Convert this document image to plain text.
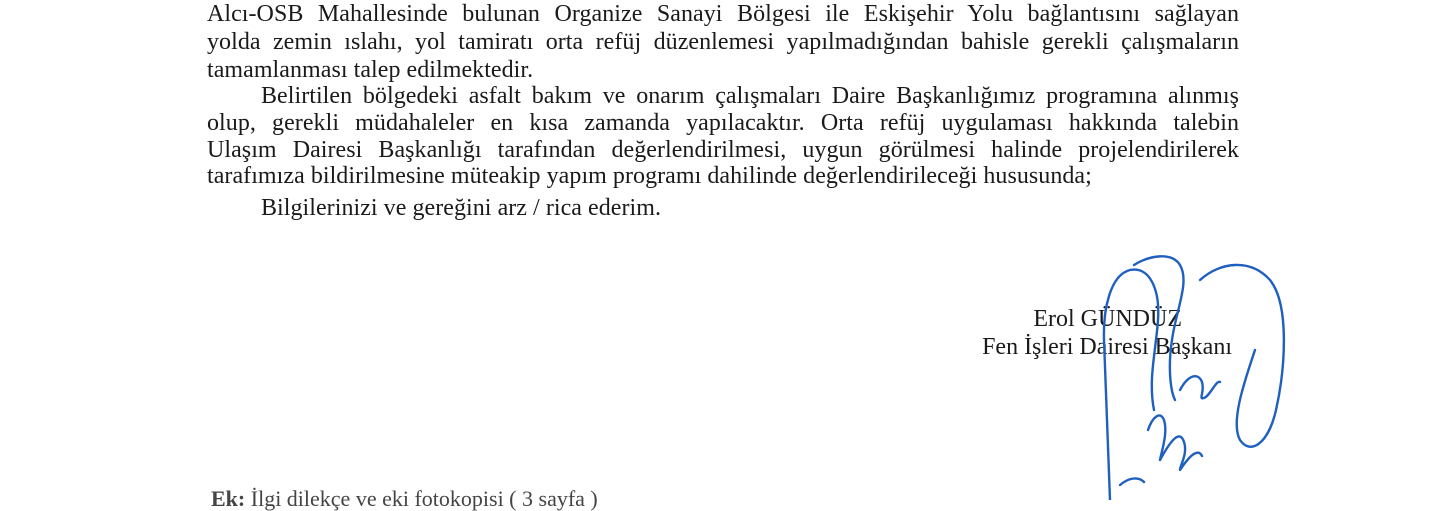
Alcı-OSB Mahallesinde bulunan Organize Sanayi Bölgesi ile Eskişehir Yolu bağlantısını sağlayan
yolda zemin ıslahı, yol tamiratı orta refüj düzenlemesi yapılmadığından bahisle gerekli çalışmaların
tamamlanması talep edilmektedir.
Belirtilen bölgedeki asfalt bakım ve onarım çalışmaları Daire Başkanlığımız programına alınmış
olup, gerekli müdahaleler en kısa zamanda yapılacaktır. Orta refüj uygulaması hakkında talebin
Ulaşım Dairesi Başkanlığı tarafından değerlendirilmesi, uygun görülmesi halinde projelendirilerek
tarafımıza bildirilmesine müteakip yapım programı dahilinde değerlendirileceği hususunda;
Bilgilerinizi ve gereğini arz / rica ederim.
Erol GÜNDÜZ
Fen İşleri Dairesi Başkanı
Ek: İlgi dilekçe ve eki fotokopisi ( 3 sayfa )
